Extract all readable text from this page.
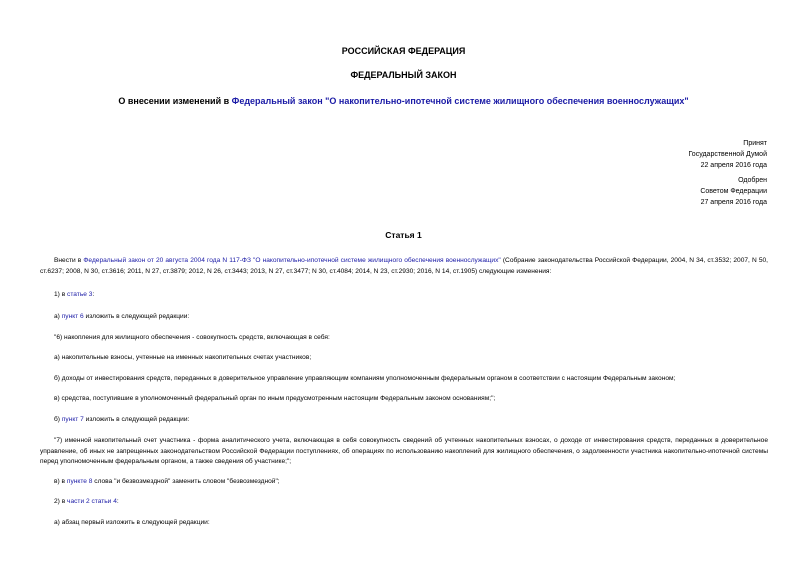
РОССИЙСКАЯ ФЕДЕРАЦИЯ
ФЕДЕРАЛЬНЫЙ ЗАКОН
О внесении изменений в Федеральный закон "О накопительно-ипотечной системе жилищного обеспечения военнослужащих"
Принят
Государственной Думой
22 апреля 2016 года
Одобрен
Советом Федерации
27 апреля 2016 года
Статья 1
Внести в Федеральный закон от 20 августа 2004 года N 117-ФЗ "О накопительно-ипотечной системе жилищного обеспечения военнослужащих" (Собрание законодательства Российской Федерации, 2004, N 34, ст.3532; 2007, N 50, ст.6237; 2008, N 30, ст.3616; 2011, N 27, ст.3879; 2012, N 26, ст.3443; 2013, N 27, ст.3477; N 30, ст.4084; 2014, N 23, ст.2930; 2016, N 14, ст.1905) следующие изменения:
1) в статье 3:
а) пункт 6 изложить в следующей редакции:
"6) накопления для жилищного обеспечения - совокупность средств, включающая в себя:
а) накопительные взносы, учтенные на именных накопительных счетах участников;
б) доходы от инвестирования средств, переданных в доверительное управление управляющим компаниям уполномоченным федеральным органом в соответствии с настоящим Федеральным законом;
в) средства, поступившие в уполномоченный федеральный орган по иным предусмотренным настоящим Федеральным законом основаниям;";
б) пункт 7 изложить в следующей редакции:
"7) именной накопительный счет участника - форма аналитического учета, включающая в себя совокупность сведений об учтенных накопительных взносах, о доходе от инвестирования средств, переданных в доверительное управление, об иных не запрещенных законодательством Российской Федерации поступлениях, об операциях по использованию накоплений для жилищного обеспечения, о задолженности участника накопительно-ипотечной системы перед уполномоченным федеральным органом, а также сведения об участнике;";
в) в пункте 8 слова "и безвозмездной" заменить словом "безвозмездной";
2) в части 2 статьи 4:
а) абзац первый изложить в следующей редакции:
